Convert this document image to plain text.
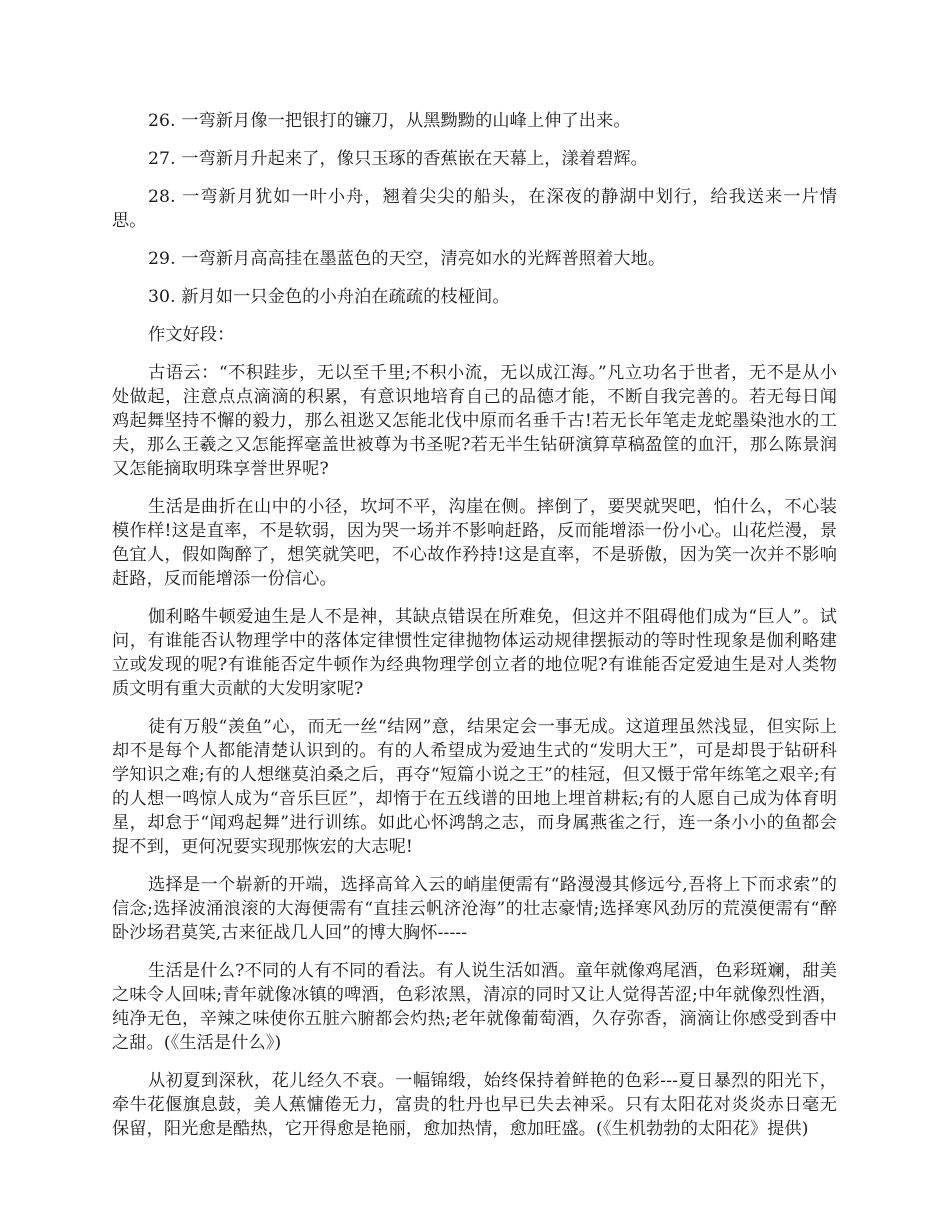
26. 一弯新月像一把银打的镰刀，从黑黝黝的山峰上伸了出来。

27. 一弯新月升起来了，像只玉琢的香蕉嵌在天幕上，漾着碧辉。

28. 一弯新月犹如一叶小舟，翘着尖尖的船头，在深夜的静湖中划行，给我送来一片情思。

29. 一弯新月高高挂在墨蓝色的天空，清亮如水的光辉普照着大地。

30. 新月如一只金色的小舟泊在疏疏的枝桠间。

作文好段：

古语云：“不积跬步，无以至千里;不积小流，无以成江海。”凡立功名于世者，无不是从小处做起，注意点点滴滴的积累，有意识地培育自己的品德才能，不断自我完善的。若无每日闻鸡起舞坚持不懈的毅力，那么祖逖又怎能北伐中原而名垂千古!若无长年笔走龙蛇墨染池水的工夫，那么王羲之又怎能挥毫盖世被尊为书圣呢?若无半生钻研演算草稿盈筐的血汗，那么陈景润又怎能摘取明珠享誉世界呢?

生活是曲折在山中的小径，坎坷不平，沟崖在侧。摔倒了，要哭就哭吧，怕什么，不心装模作样!这是直率，不是软弱，因为哭一场并不影响赶路，反而能增添一份小心。山花烂漫，景色宜人，假如陶醉了，想笑就笑吧，不心故作矜持!这是直率，不是骄傲，因为笑一次并不影响赶路，反而能增添一份信心。

伽利略牛顿爱迪生是人不是神，其缺点错误在所难免，但这并不阻碍他们成为“巨人”。试问，有谁能否认物理学中的落体定律惯性定律抛物体运动规律摆振动的等时性现象是伽利略建立或发现的呢?有谁能否定牛顿作为经典物理学创立者的地位呢?有谁能否定爱迪生是对人类物质文明有重大贡献的大发明家呢?

徒有万般“羡鱼”心，而无一丝“结网”意，结果定会一事无成。这道理虽然浅显，但实际上却不是每个人都能清楚认识到的。有的人希望成为爱迪生式的“发明大王”，可是却畏于钻研科学知识之难;有的人想继莫泊桑之后，再夺“短篇小说之王”的桂冠，但又慑于常年练笔之艰辛;有的人想一鸣惊人成为“音乐巨匠”，却惰于在五线谱的田地上埋首耕耘;有的人愿自己成为体育明星，却怠于“闻鸡起舞”进行训练。如此心怀鸿鹄之志，而身属燕雀之行，连一条小小的鱼都会捉不到，更何况要实现那恢宏的大志呢!

选择是一个崭新的开端，选择高耸入云的峭崖便需有“路漫漫其修远兮,吾将上下而求索”的信念;选择波涌浪滚的大海便需有“直挂云帆济沧海”的壮志豪情;选择寒风劲厉的荒漠便需有“醉卧沙场君莫笑,古来征战几人回”的博大胸怀-----

生活是什么?不同的人有不同的看法。有人说生活如酒。童年就像鸡尾酒，色彩斑斓，甜美之味令人回味;青年就像冰镇的啤酒，色彩浓黑，清凉的同时又让人觉得苦涩;中年就像烈性酒，纯净无色，辛辣之味使你五脏六腑都会灼热;老年就像葡萄酒，久存弥香，滴滴让你感受到香中之甜。(《生活是什么》)

从初夏到深秋，花儿经久不衰。一幅锦缎，始终保持着鲜艳的色彩---夏日暴烈的阳光下，牵牛花偃旗息鼓，美人蕉慵倦无力，富贵的牡丹也早已失去神采。只有太阳花对炎炎赤日毫无保留，阳光愈是酷热，它开得愈是艳丽，愈加热情，愈加旺盛。(《生机勃勃的太阳花》提供)
